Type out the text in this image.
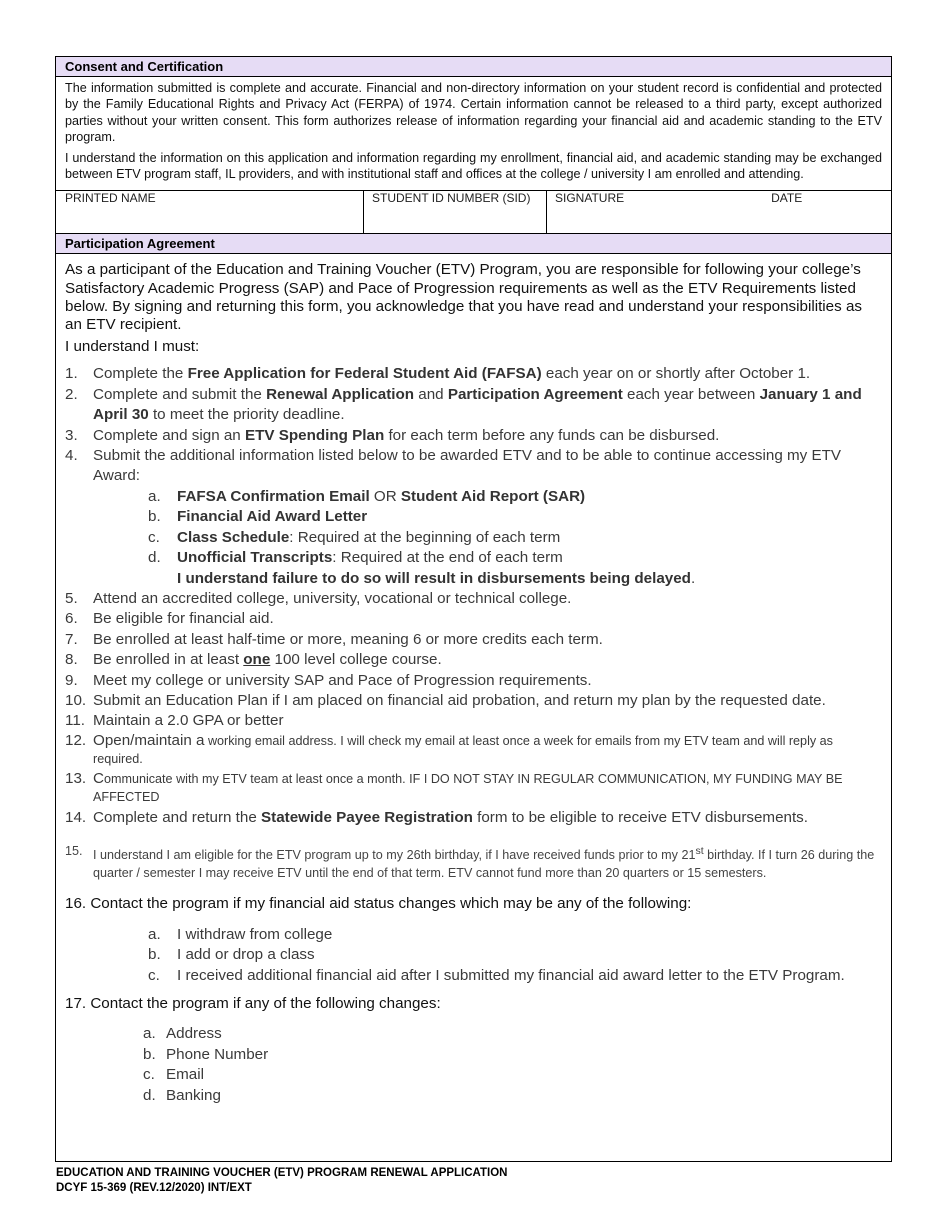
Consent and Certification

The information submitted is complete and accurate. Financial and non-directory information on your student record is confidential and protected by the Family Educational Rights and Privacy Act (FERPA) of 1974. Certain information cannot be released to a third party, except authorized parties without your written consent. This form authorizes release of information regarding your financial aid and academic standing to the ETV program.

I understand the information on this application and information regarding my enrollment, financial aid, and academic standing may be exchanged between ETV program staff, IL providers, and with institutional staff and offices at the college / university I am enrolled and attending.

PRINTED NAME	STUDENT ID NUMBER (SID)	SIGNATURE	DATE
Participation Agreement

As a participant of the Education and Training Voucher (ETV) Program, you are responsible for following your college’s Satisfactory Academic Progress (SAP) and Pace of Progression requirements as well as the ETV Requirements listed below. By signing and returning this form, you acknowledge that you have read and understand your responsibilities as an ETV recipient.

I understand I must:

1. Complete the Free Application for Federal Student Aid (FAFSA) each year on or shortly after October 1.
2. Complete and submit the Renewal Application and Participation Agreement each year between January 1 and April 30 to meet the priority deadline.
3. Complete and sign an ETV Spending Plan for each term before any funds can be disbursed.
4. Submit the additional information listed below to be awarded ETV and to be able to continue accessing my ETV Award:
a. FAFSA Confirmation Email OR Student Aid Report (SAR)
b. Financial Aid Award Letter
c. Class Schedule: Required at the beginning of each term
d. Unofficial Transcripts: Required at the end of each term
I understand failure to do so will result in disbursements being delayed.
5. Attend an accredited college, university, vocational or technical college.
6. Be eligible for financial aid.
7. Be enrolled at least half-time or more, meaning 6 or more credits each term.
8. Be enrolled in at least one 100 level college course.
9. Meet my college or university SAP and Pace of Progression requirements.
10. Submit an Education Plan if I am placed on financial aid probation, and return my plan by the requested date.
11. Maintain a 2.0 GPA or better
12. Open/maintain a working email address. I will check my email at least once a week for emails from my ETV team and will reply as required.
13. Communicate with my ETV team at least once a month. IF I DO NOT STAY IN REGULAR COMMUNICATION, MY FUNDING MAY BE AFFECTED
14. Complete and return the Statewide Payee Registration form to be eligible to receive ETV disbursements.
15. I understand I am eligible for the ETV program up to my 26th birthday, if I have received funds prior to my 21st birthday. If I turn 26 during the quarter / semester I may receive ETV until the end of that term. ETV cannot fund more than 20 quarters or 15 semesters.
16. Contact the program if my financial aid status changes which may be any of the following:
a. I withdraw from college
b. I add or drop a class
c. I received additional financial aid after I submitted my financial aid award letter to the ETV Program.
17. Contact the program if any of the following changes:
a. Address
b. Phone Number
c. Email
d. Banking
EDUCATION AND TRAINING VOUCHER (ETV) PROGRAM RENEWAL APPLICATION
DCYF 15-369 (REV.12/2020) INT/EXT
